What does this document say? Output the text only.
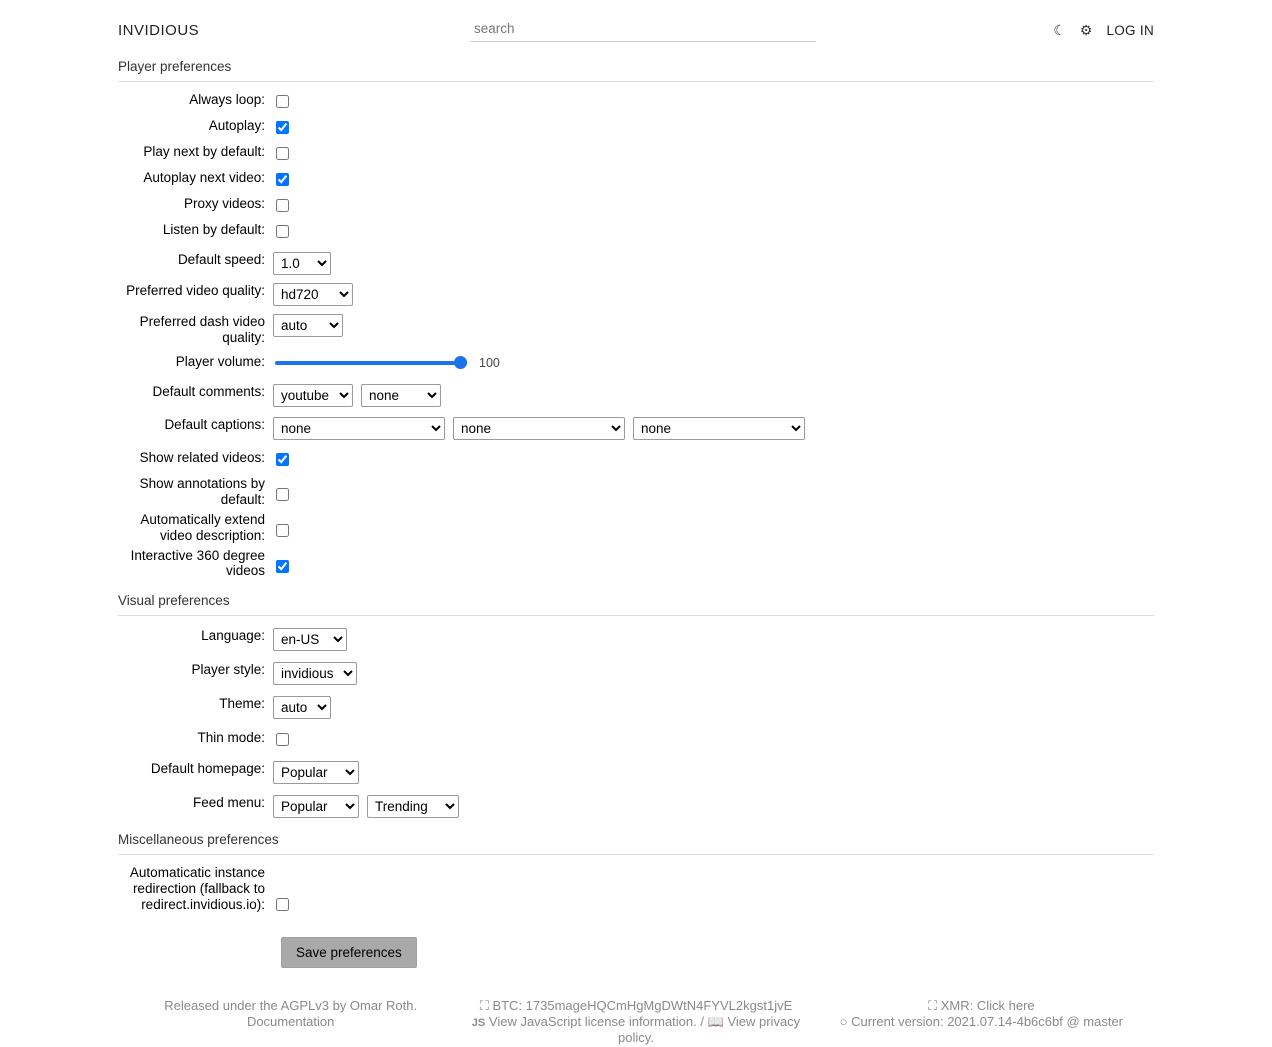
INVIDIOUS
search	☾ ⚙ LOG IN
Player preferences
Always loop:
Autoplay:
Play next by default:
Autoplay next video:
Proxy videos:
Listen by default:
Default speed:
1.0
Preferred video quality:
hd720
Preferred dash video quality:
auto
Player volume:	100
Default comments:
youtube
none
Default captions:
none
none
none
Show related videos:
Show annotations by default:
Automatically extend video description:
Interactive 360 degree videos
Visual preferences
Language:
en-US
Player style:
invidious
Theme:
auto
Thin mode:
Default homepage:
Popular
Feed menu:
Popular
Trending
Miscellaneous preferences
Automaticatic instance redirection (fallback to redirect.invidious.io):
Save preferences
Released under the AGPLv3 by Omar Roth.
Documentation
⛶ BTC: 1735mageHQCmHgMgDWtN4FYVL2kgst1jvE
JS View JavaScript license information. / 📖 View privacy policy.
⛶ XMR: Click here
○ Current version: 2021.07.14-4b6c6bf @ master
